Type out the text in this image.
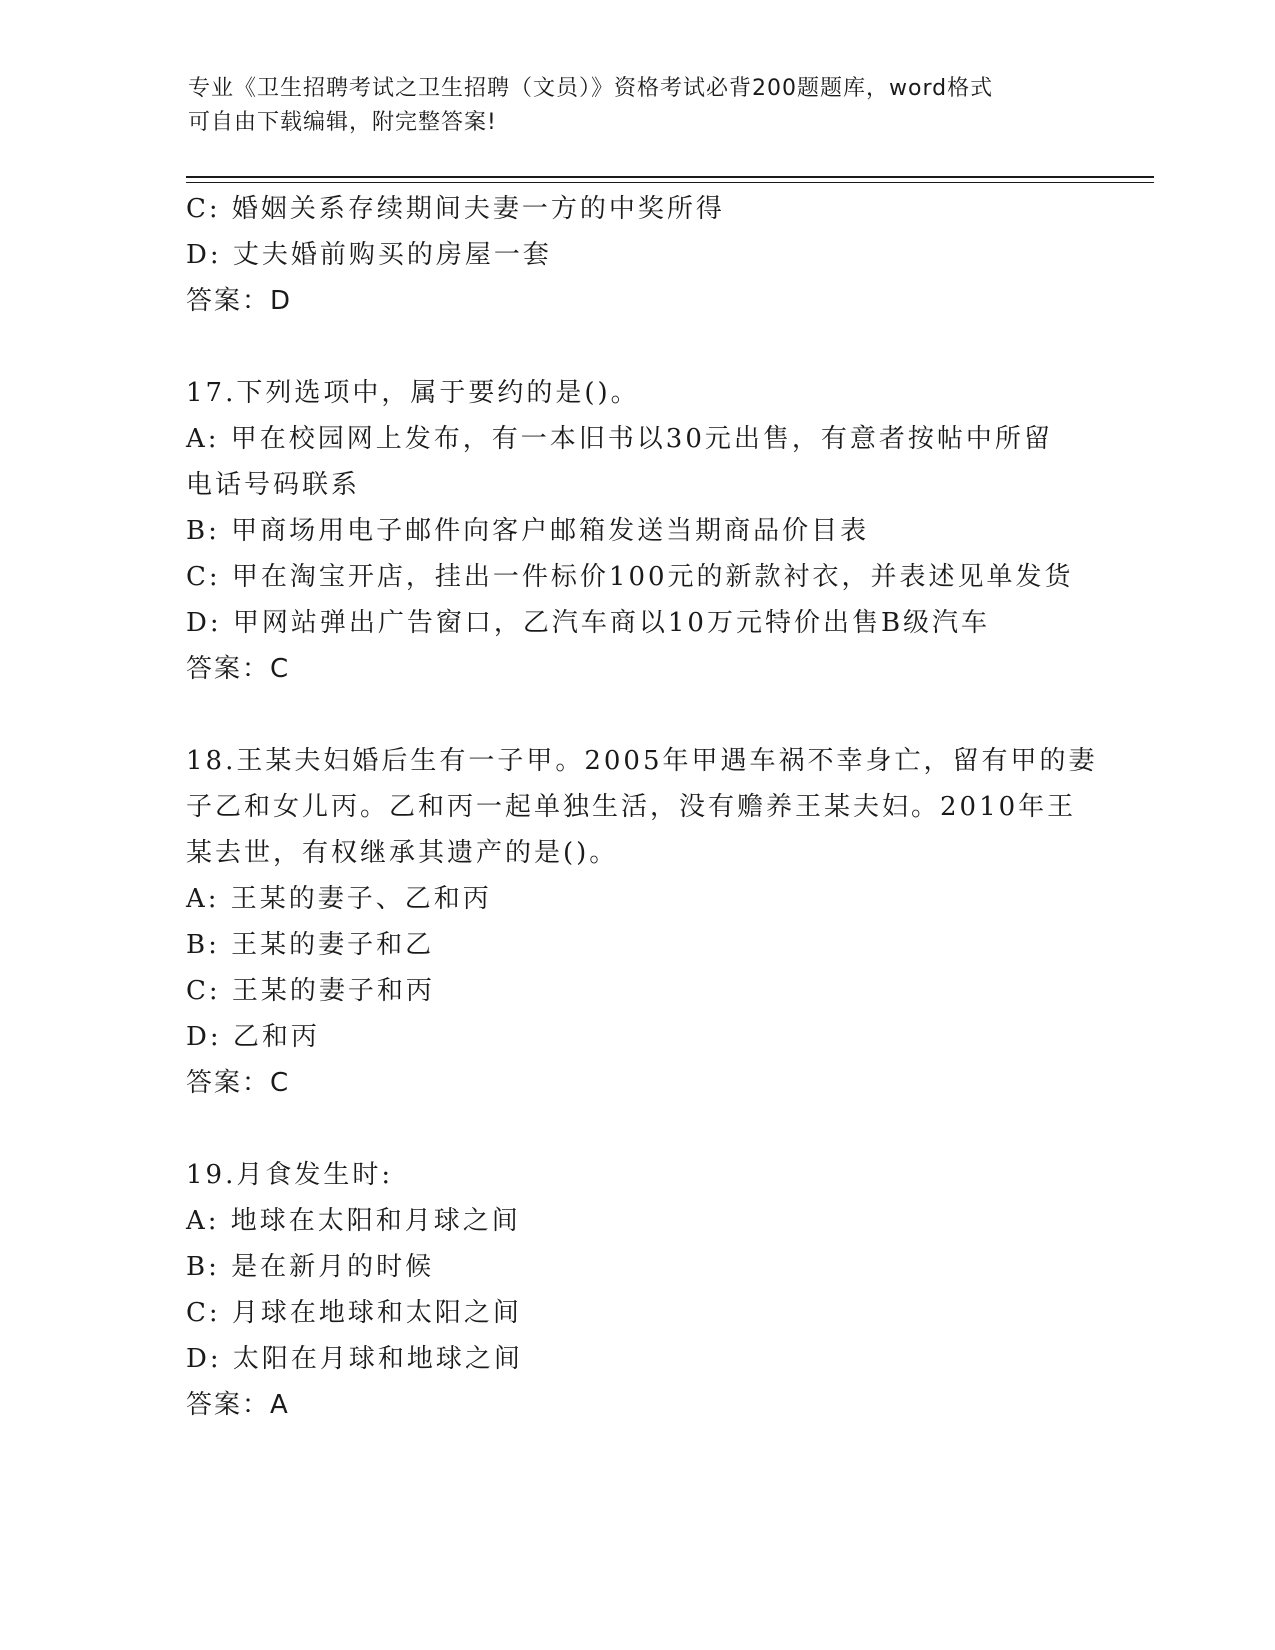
专业《卫生招聘考试之卫生招聘（文员）》资格考试必背200题题库，word格式
可自由下载编辑，附完整答案!
C: 婚姻关系存续期间夫妻一方的中奖所得
D: 丈夫婚前购买的房屋一套
答案：D
17.下列选项中，属于要约的是()。
A: 甲在校园网上发布，有一本旧书以30元出售，有意者按帖中所留
电话号码联系
B: 甲商场用电子邮件向客户邮箱发送当期商品价目表
C: 甲在淘宝开店，挂出一件标价100元的新款衬衣，并表述见单发货
D: 甲网站弹出广告窗口，乙汽车商以10万元特价出售B级汽车
答案：C
18.王某夫妇婚后生有一子甲。2005年甲遇车祸不幸身亡，留有甲的妻
子乙和女儿丙。乙和丙一起单独生活，没有赡养王某夫妇。2010年王
某去世，有权继承其遗产的是()。
A: 王某的妻子、乙和丙
B: 王某的妻子和乙
C: 王某的妻子和丙
D: 乙和丙
答案：C
19.月食发生时:
A: 地球在太阳和月球之间
B: 是在新月的时候
C: 月球在地球和太阳之间
D: 太阳在月球和地球之间
答案：A
